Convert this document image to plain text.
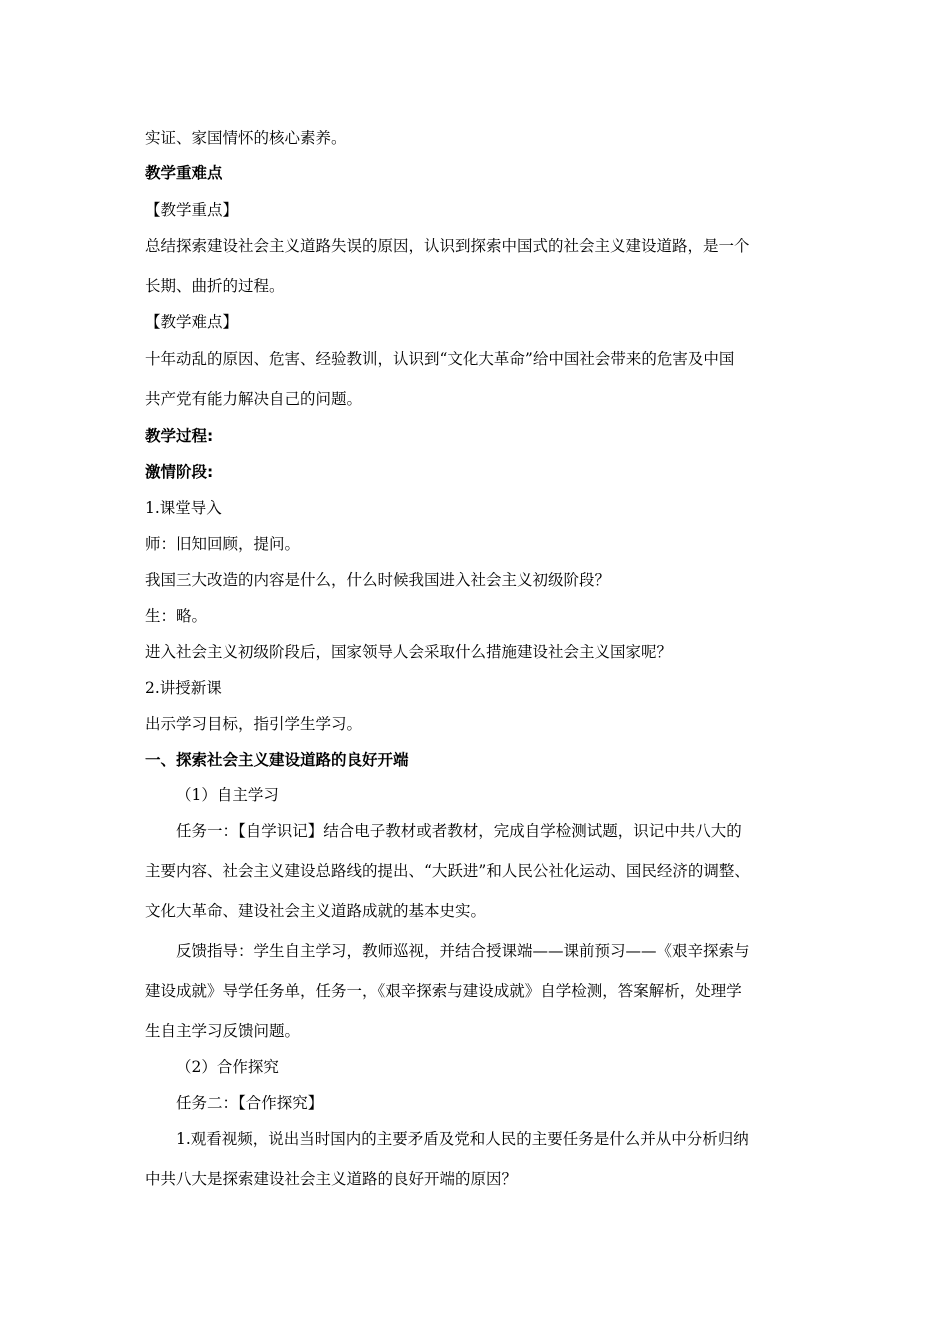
实证、家国情怀的核心素养。
教学重难点
【教学重点】
总结探索建设社会主义道路失误的原因，认识到探索中国式的社会主义建设道路，是一个
长期、曲折的过程。
【教学难点】
十年动乱的原因、危害、经验教训，认识到“文化大革命”给中国社会带来的危害及中国
共产党有能力解决自己的问题。
教学过程:
激情阶段:
1.课堂导入
师：旧知回顾，提问。
我国三大改造的内容是什么，什么时候我国进入社会主义初级阶段？
生：略。
进入社会主义初级阶段后，国家领导人会采取什么措施建设社会主义国家呢？
2.讲授新课
出示学习目标，指引学生学习。
一、探索社会主义建设道路的良好开端
（1）自主学习
任务一：【自学识记】结合电子教材或者教材，完成自学检测试题，识记中共八大的
主要内容、社会主义建设总路线的提出、“大跃进”和人民公社化运动、国民经济的调整、
文化大革命、建设社会主义道路成就的基本史实。
反馈指导：学生自主学习，教师巡视，并结合授课端——课前预习——《艰辛探索与
建设成就》导学任务单，任务一，《艰辛探索与建设成就》自学检测，答案解析，处理学
生自主学习反馈问题。
（2）合作探究
任务二：【合作探究】
1.观看视频，说出当时国内的主要矛盾及党和人民的主要任务是什么并从中分析归纳
中共八大是探索建设社会主义道路的良好开端的原因？
